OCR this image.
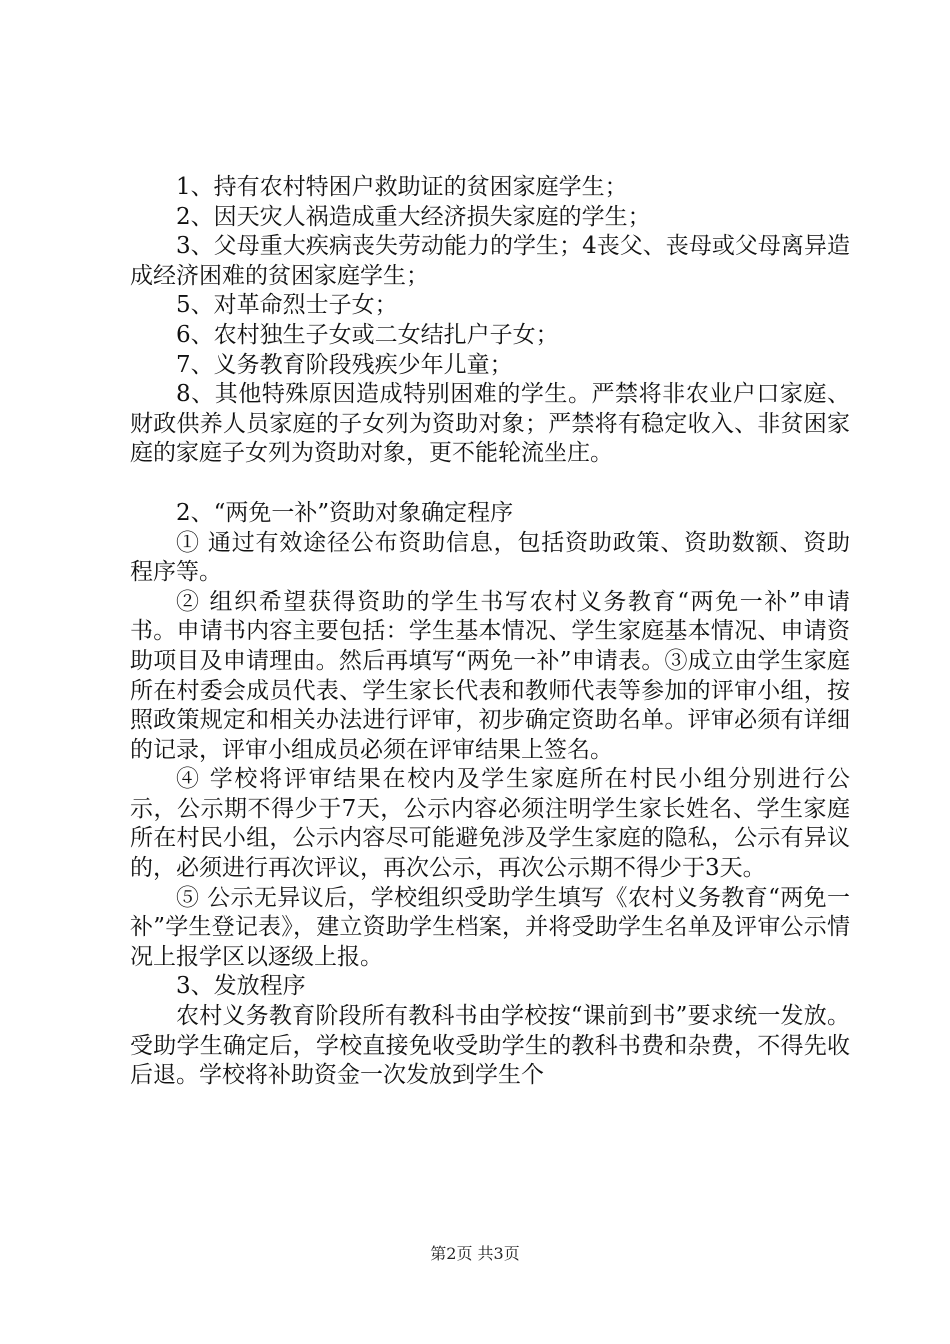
1、持有农村特困户救助证的贫困家庭学生；

2、因天灾人祸造成重大经济损失家庭的学生；

3、父母重大疾病丧失劳动能力的学生；4丧父、丧母或父母离异造成经济困难的贫困家庭学生；

5、对革命烈士子女；

6、农村独生子女或二女结扎户子女；

7、义务教育阶段残疾少年儿童；

8、其他特殊原因造成特别困难的学生。严禁将非农业户口家庭、财政供养人员家庭的子女列为资助对象；严禁将有稳定收入、非贫困家庭的家庭子女列为资助对象，更不能轮流坐庄。

2、“两免一补”资助对象确定程序

① 通过有效途径公布资助信息，包括资助政策、资助数额、资助程序等。

② 组织希望获得资助的学生书写农村义务教育“两免一补”申请书。申请书内容主要包括：学生基本情况、学生家庭基本情况、申请资助项目及申请理由。然后再填写“两免一补”申请表。③成立由学生家庭所在村委会成员代表、学生家长代表和教师代表等参加的评审小组，按照政策规定和相关办法进行评审，初步确定资助名单。评审必须有详细的记录，评审小组成员必须在评审结果上签名。

④ 学校将评审结果在校内及学生家庭所在村民小组分别进行公示，公示期不得少于7天，公示内容必须注明学生家长姓名、学生家庭所在村民小组，公示内容尽可能避免涉及学生家庭的隐私，公示有异议的，必须进行再次评议，再次公示，再次公示期不得少于3天。

⑤ 公示无异议后，学校组织受助学生填写《农村义务教育“两免一补”学生登记表》，建立资助学生档案，并将受助学生名单及评审公示情况上报学区以逐级上报。

3、发放程序

农村义务教育阶段所有教科书由学校按“课前到书”要求统一发放。受助学生确定后，学校直接免收受助学生的教科书费和杂费，不得先收后退。学校将补助资金一次发放到学生个

第2页 共3页
